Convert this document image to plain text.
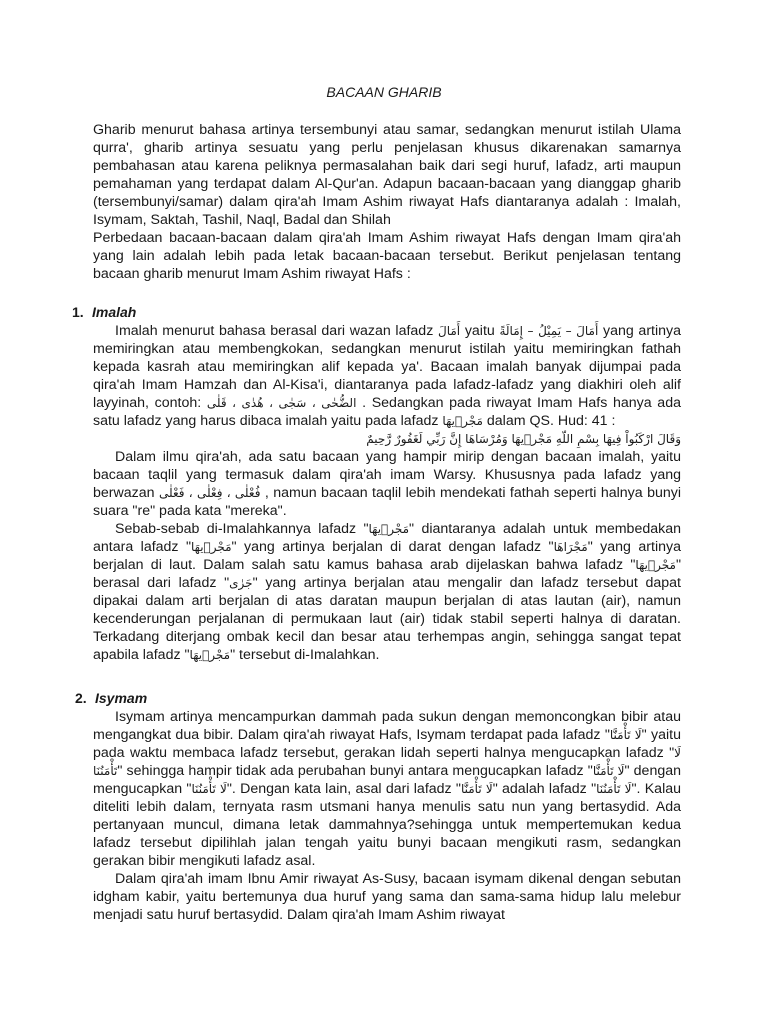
BACAAN GHARIB

Gharib menurut bahasa artinya tersembunyi atau samar, sedangkan menurut istilah Ulama qurra', gharib artinya sesuatu yang perlu penjelasan khusus dikarenakan samarnya pembahasan atau karena peliknya permasalahan baik dari segi huruf, lafadz, arti maupun pemahaman yang terdapat dalam Al-Qur'an. Adapun bacaan-bacaan yang dianggap gharib (tersembunyi/samar) dalam qira'ah Imam Ashim riwayat Hafs diantaranya adalah : Imalah, Isymam, Saktah, Tashil, Naql, Badal dan Shilah

Perbedaan bacaan-bacaan dalam qira'ah Imam Ashim riwayat Hafs dengan Imam qira'ah yang lain adalah lebih pada letak bacaan-bacaan tersebut. Berikut penjelasan tentang bacaan gharib menurut Imam Ashim riwayat Hafs :

1. Imalah

Imalah menurut bahasa berasal dari wazan lafadz أَمَالَ yaitu أَمَالَ – يَمِيْلُ – إِمَالَةً yang artinya memiringkan atau membengkokan, sedangkan menurut istilah yaitu memiringkan fathah kepada kasrah atau memiringkan alif kepada ya'. Bacaan imalah banyak dijumpai pada qira'ah Imam Hamzah dan Al-Kisa'i, diantaranya pada lafadz-lafadz yang diakhiri oleh alif layyinah, contoh: الضُّحٰى ، سَجٰى ، هُدٰى ، قَلٰى . Sedangkan pada riwayat Imam Hafs hanya ada satu lafadz yang harus dibaca imalah yaitu pada lafadz مَجْرٖيهَا dalam QS. Hud: 41 :

وَقَالَ ارْكَبُواْ فِيهَا بِسْمِ اللّهِ مَجْرٖيهَا وَمُرْسَاهَا إِنَّ رَبِّي لَغَفُورٌ رَّحِيمٌ

Dalam ilmu qira'ah, ada satu bacaan yang hampir mirip dengan bacaan imalah, yaitu bacaan taqlil yang termasuk dalam qira'ah imam Warsy. Khususnya pada lafadz yang berwazan فُعْلٰى ، فِعْلٰى ، فَعْلٰى , namun bacaan taqlil lebih mendekati fathah seperti halnya bunyi suara "re" pada kata "mereka".

Sebab-sebab di-Imalahkannya lafadz "مَجْرٖيهَا" diantaranya adalah untuk membedakan antara lafadz "مَجْرٖيهَا" yang artinya berjalan di darat dengan lafadz "مَجْرَاهَا" yang artinya berjalan di laut. Dalam salah satu kamus bahasa arab dijelaskan bahwa lafadz "مَجْرٖيهَا" berasal dari lafadz "جَرٰى" yang artinya berjalan atau mengalir dan lafadz tersebut dapat dipakai dalam arti berjalan di atas daratan maupun berjalan di atas lautan (air), namun kecenderungan perjalanan di permukaan laut (air) tidak stabil seperti halnya di daratan. Terkadang diterjang ombak kecil dan besar atau terhempas angin, sehingga sangat tepat apabila lafadz "مَجْرٖيهَا" tersebut di-Imalahkan.

2. Isymam

Isymam artinya mencampurkan dammah pada sukun dengan memoncongkan bibir atau mengangkat dua bibir. Dalam qira'ah riwayat Hafs, Isymam terdapat pada lafadz "لَا تَأْمَنَّا" yaitu pada waktu membaca lafadz tersebut, gerakan lidah seperti halnya mengucapkan lafadz "لَا تَأْمَنُنَا" sehingga hampir tidak ada perubahan bunyi antara mengucapkan lafadz "لَا تَأْمَنَّا" dengan mengucapkan "لَا تَأْمَنُنَا". Dengan kata lain, asal dari lafadz "لَا تَأْمَنَّا" adalah lafadz "لَا تَأْمَنُنَا". Kalau diteliti lebih dalam, ternyata rasm utsmani hanya menulis satu nun yang bertasydid. Ada pertanyaan muncul, dimana letak dammahnya?sehingga untuk mempertemukan kedua lafadz tersebut dipilihlah jalan tengah yaitu bunyi bacaan mengikuti rasm, sedangkan gerakan bibir mengikuti lafadz asal.

Dalam qira'ah imam Ibnu Amir riwayat As-Susy, bacaan isymam dikenal dengan sebutan idgham kabir, yaitu bertemunya dua huruf yang sama dan sama-sama hidup lalu melebur menjadi satu huruf bertasydid. Dalam qira'ah Imam Ashim riwayat
